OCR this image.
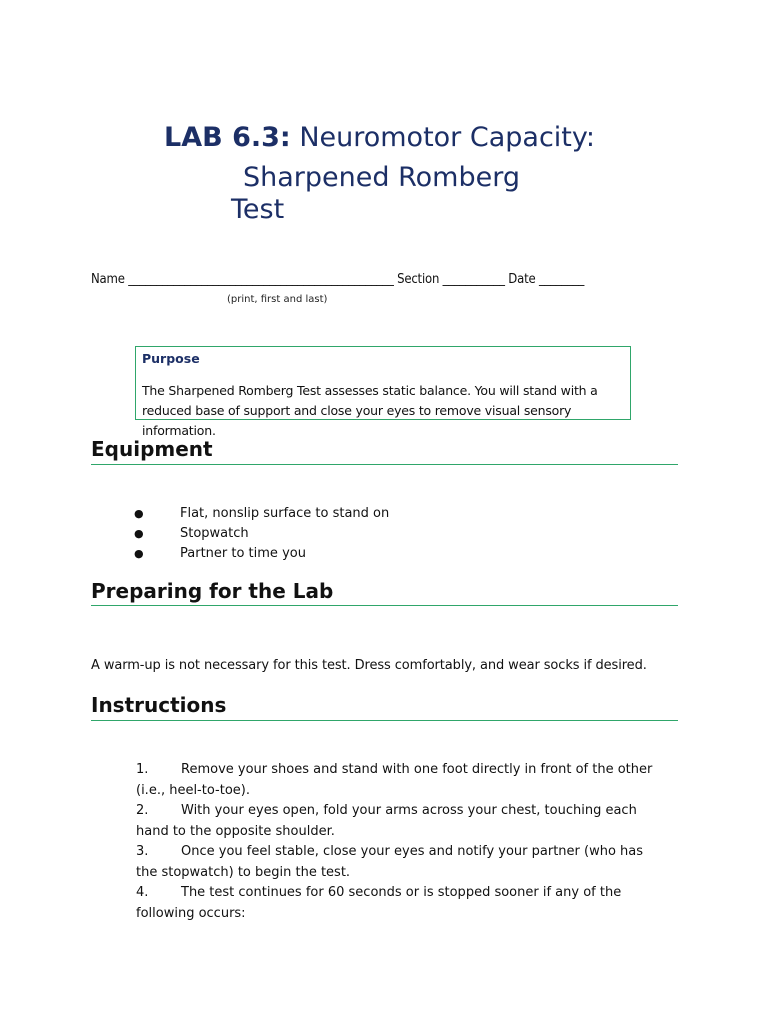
LAB 6.3: Neuromotor Capacity:
Sharpened Romberg
Test
Name _______________________________________________ Section ___________ Date ________
(print, first and last)
Purpose
The Sharpened Romberg Test assesses static balance. You will stand with a reduced base of support and close your eyes to remove visual sensory information.
Equipment
●	Flat, nonslip surface to stand on
●	Stopwatch
●	Partner to time you
Preparing for the Lab
A warm-up is not necessary for this test. Dress comfortably, and wear socks if desired.
Instructions
1.	Remove your shoes and stand with one foot directly in front of the other (i.e., heel-to-toe).
2.	With your eyes open, fold your arms across your chest, touching each hand to the opposite shoulder.
3.	Once you feel stable, close your eyes and notify your partner (who has the stopwatch) to begin the test.
4.	The test continues for 60 seconds or is stopped sooner if any of the following occurs:
